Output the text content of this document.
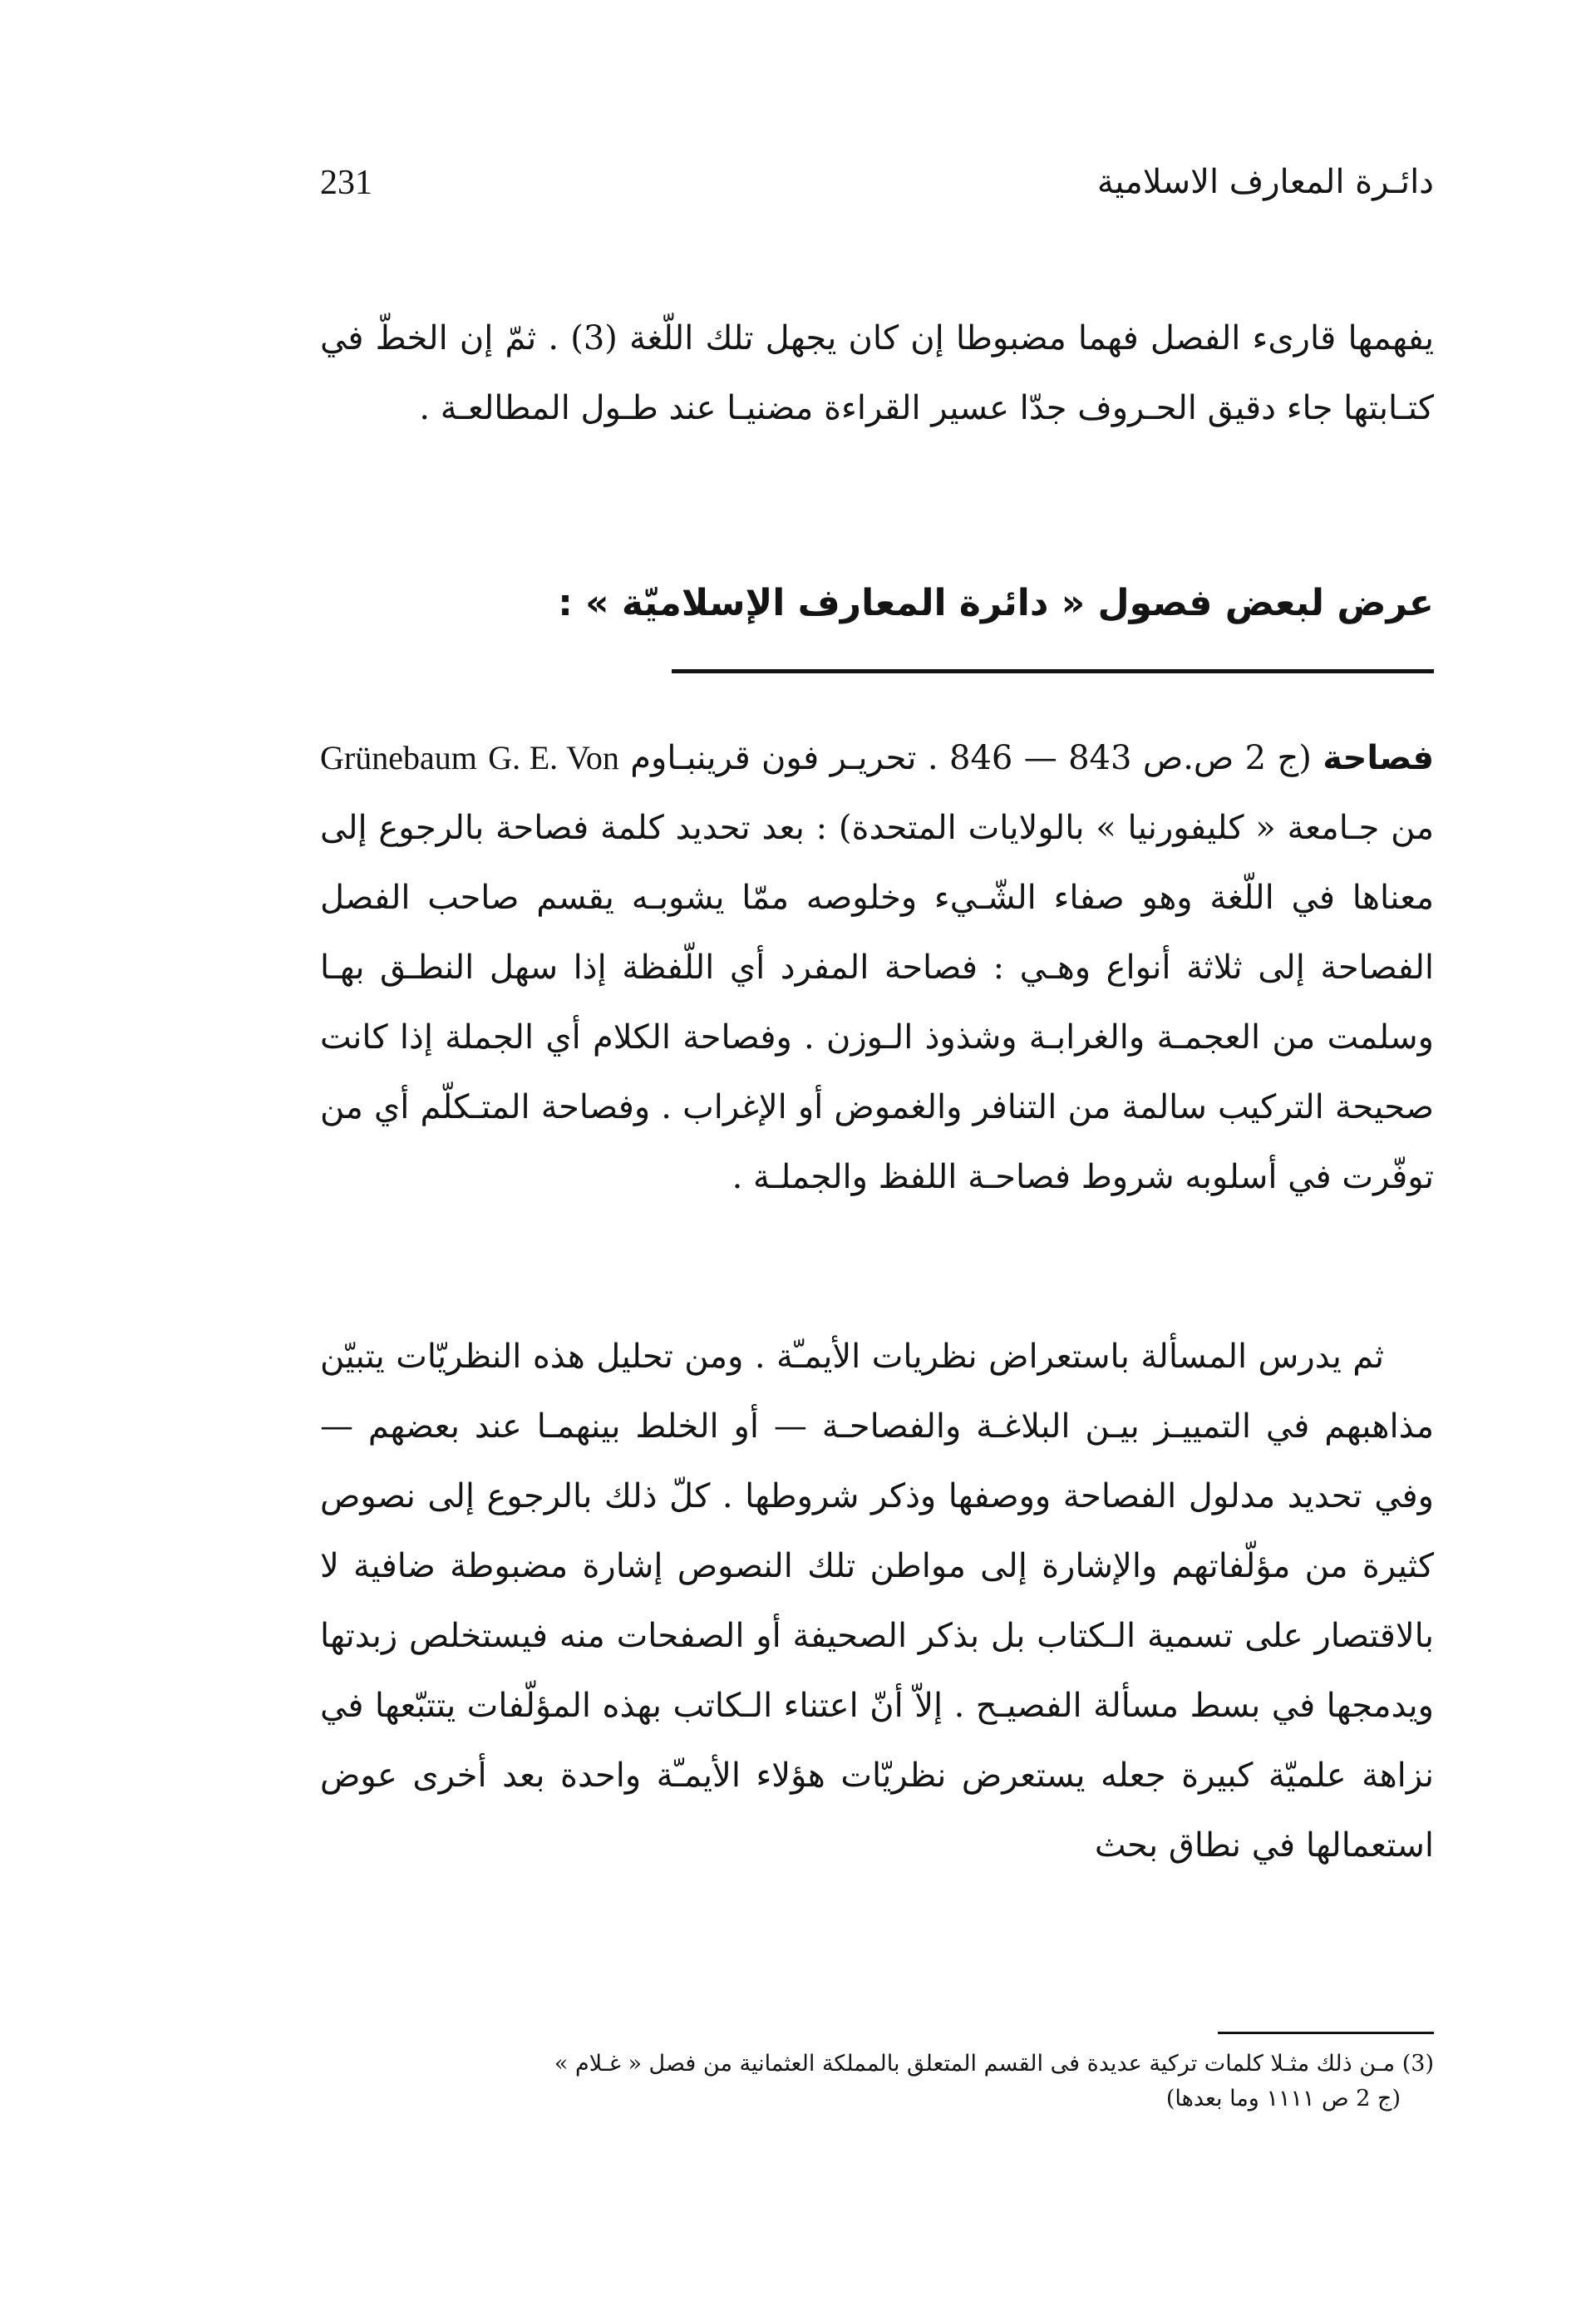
231	دائـرة المعارف الاسلامية

يفهمها قارىء الفصل فهما مضبوطا إن كان يجهل تلك اللّغة (3) . ثمّ إن الخطّ في كتـابتها جاء دقيق الحـروف جدّا عسير القراءة مضنيـا عند طـول المطالعـة .

عرض لبعض فصول « دائرة المعارف الإسلاميّة » :

فصاحة (ج 2 ص.ص 843 — 846 . تحريـر فون قرينبـاوم G. E. Von Grünebaum من جـامعة « كليفورنيا » بالولايات المتحدة) : بعد تحديد كلمة فصاحة بالرجوع إلى معناها في اللّغة وهو صفاء الشّـيء وخلوصه ممّا يشوبـه يقسم صاحب الفصل الفصاحة إلى ثلاثة أنواع وهـي : فصاحة المفرد أي اللّفظة إذا سهل النطـق بهـا وسلمت من العجمـة والغرابـة وشذوذ الـوزن . وفصاحة الكلام أي الجملة إذا كانت صحيحة التركيب سالمة من التنافر والغموض أو الإغراب . وفصاحة المتـكلّم أي من توفّرت في أسلوبه شروط فصاحـة اللفظ والجملـة .

ثم يدرس المسألة باستعراض نظريات الأيمـّة . ومن تحليل هذه النظريّات يتبيّن مذاهبهم في التمييـز بيـن البلاغـة والفصاحـة — أو الخلط بينهمـا عند بعضهم — وفي تحديد مدلول الفصاحة ووصفها وذكر شروطها . كلّ ذلك بالرجوع إلى نصوص كثيرة من مؤلّفاتهم والإشارة إلى مواطن تلك النصوص إشارة مضبوطة ضافية لا بالاقتصار على تسمية الـكتاب بل بذكر الصحيفة أو الصفحات منه فيستخلص زبدتها ويدمجها في بسط مسألة الفصيـح . إلاّ أنّ اعتناء الـكاتب بهذه المؤلّفات يتتبّعها في نزاهة علميّة كبيرة جعله يستعرض نظريّات هؤلاء الأيمـّة واحدة بعد أخرى عوض استعمالها في نطاق بحث

(3) مـن ذلك مثـلا كلمات تركية عديدة فى القسم المتعلق بالمملكة العثمانية من فصل « غـلام »
(ج 2 ص ١١١١ وما بعدها)
